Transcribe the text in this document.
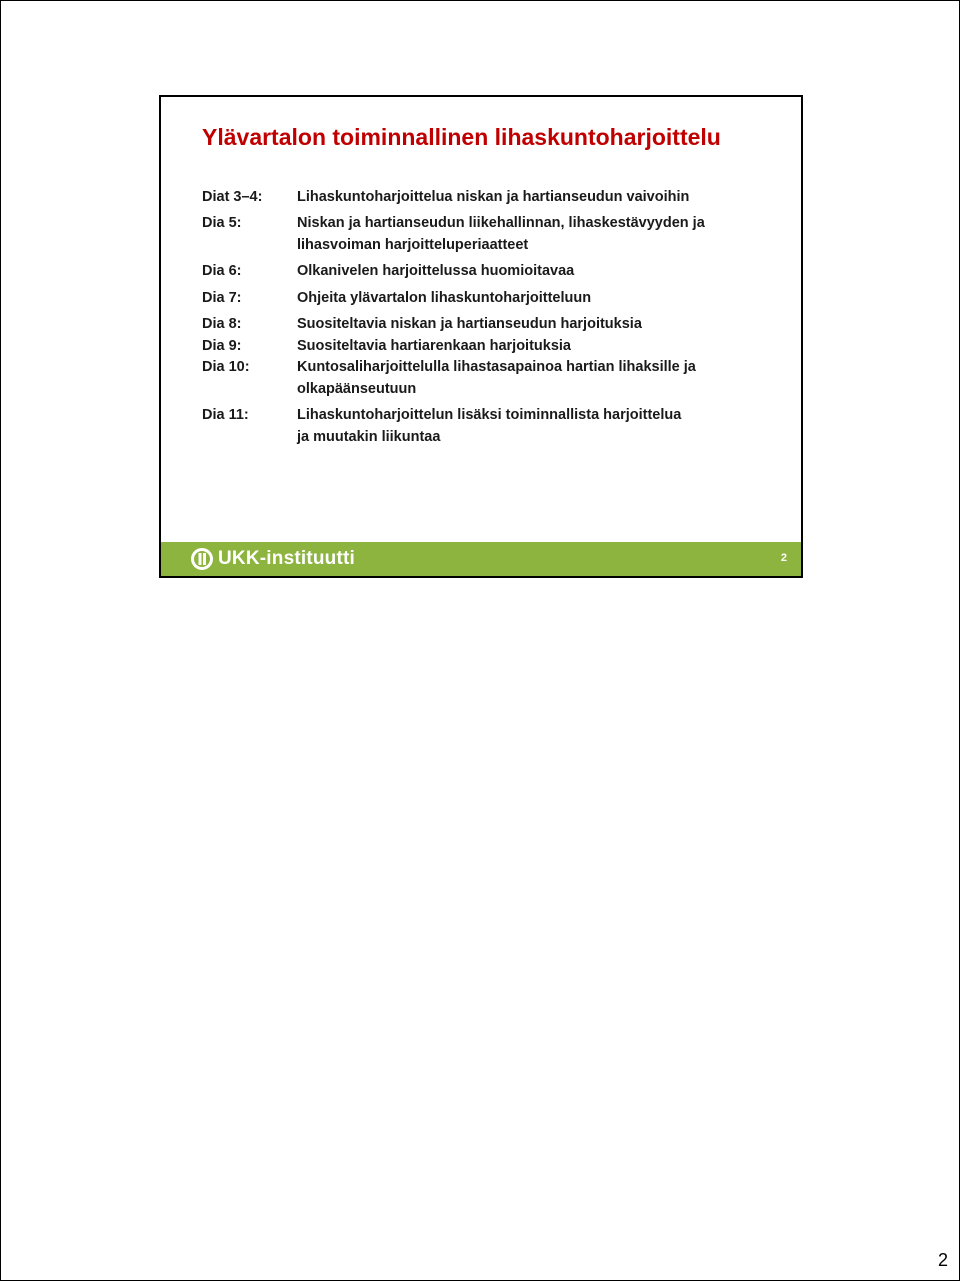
Ylävartalon toiminnallinen lihaskuntoharjoittelu
Diat 3–4:	Lihaskuntoharjoittelua niskan ja hartianseudun vaivoihin
Dia 5:	Niskan ja hartianseudun liikehallinnan, lihaskestävyyden ja
lihasvoiman harjoitteluperiaatteet
Dia 6:	Olkanivelen harjoittelussa huomioitavaa
Dia 7:	Ohjeita ylävartalon lihaskuntoharjoitteluun
Dia 8:	Suositeltavia niskan ja hartianseudun harjoituksia
Dia 9:	Suositeltavia hartiarenkaan harjoituksia
Dia 10:	Kuntosaliharjoittelulla lihastasapainoa hartian lihaksille ja
olkapäänseutuun
Dia 11:	Lihaskuntoharjoittelun lisäksi toiminnallista harjoittelua
ja muutakin liikuntaa
UKK-instituutti	2
2
